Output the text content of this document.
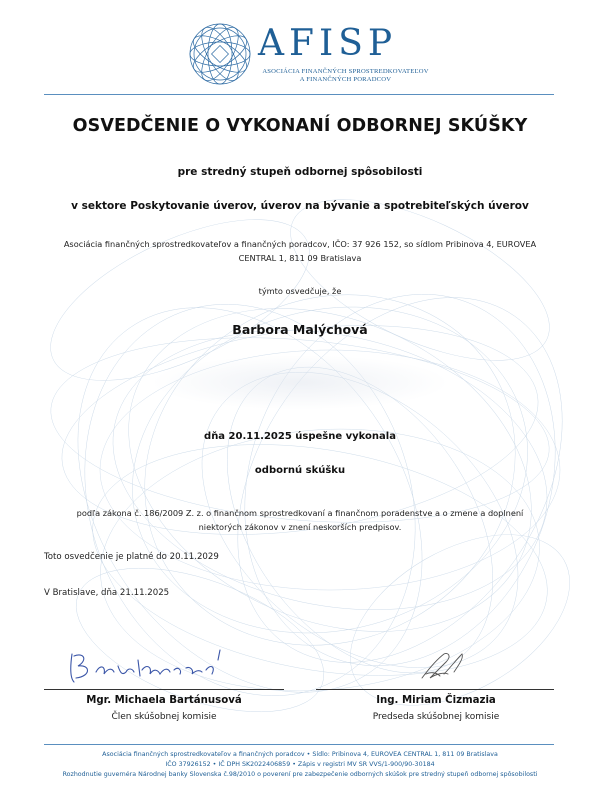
AFISP
ASOCIÁCIA FINANČNÝCH SPROSTREDKOVATEĽOV
A FINANČNÝCH PORADCOV
OSVEDČENIE O VYKONANÍ ODBORNEJ SKÚŠKY
pre stredný stupeň odbornej spôsobilosti
v sektore Poskytovanie úverov, úverov na bývanie a spotrebiteľských úverov
Asociácia finančných sprostredkovateľov a finančných poradcov, IČO: 37 926 152, so sídlom Pribinova 4, EUROVEA
CENTRAL 1, 811 09 Bratislava
týmto osvedčuje, že
Barbora Malýchová
dňa 20.11.2025 úspešne vykonala
odbornú skúšku
podľa zákona č. 186/2009 Z. z. o finančnom sprostredkovaní a finančnom poradenstve a o zmene a doplnení
niektorých zákonov v znení neskorších predpisov.
Toto osvedčenie je platné do 20.11.2029
V Bratislave, dňa 21.11.2025
Mgr. Michaela Bartánusová
Člen skúšobnej komisie
Ing. Miriam Čizmazia
Predseda skúšobnej komisie
Asociácia finančných sprostredkovateľov a finančných poradcov • Sídlo: Pribinova 4, EUROVEA CENTRAL 1, 811 09 Bratislava
IČO 37926152 • IČ DPH SK2022406859 • Zápis v registri MV SR VVS/1-900/90-30184
Rozhodnutie guvernéra Národnej banky Slovenska č.98/2010 o poverení pre zabezpečenie odborných skúšok pre stredný stupeň odbornej spôsobilosti
